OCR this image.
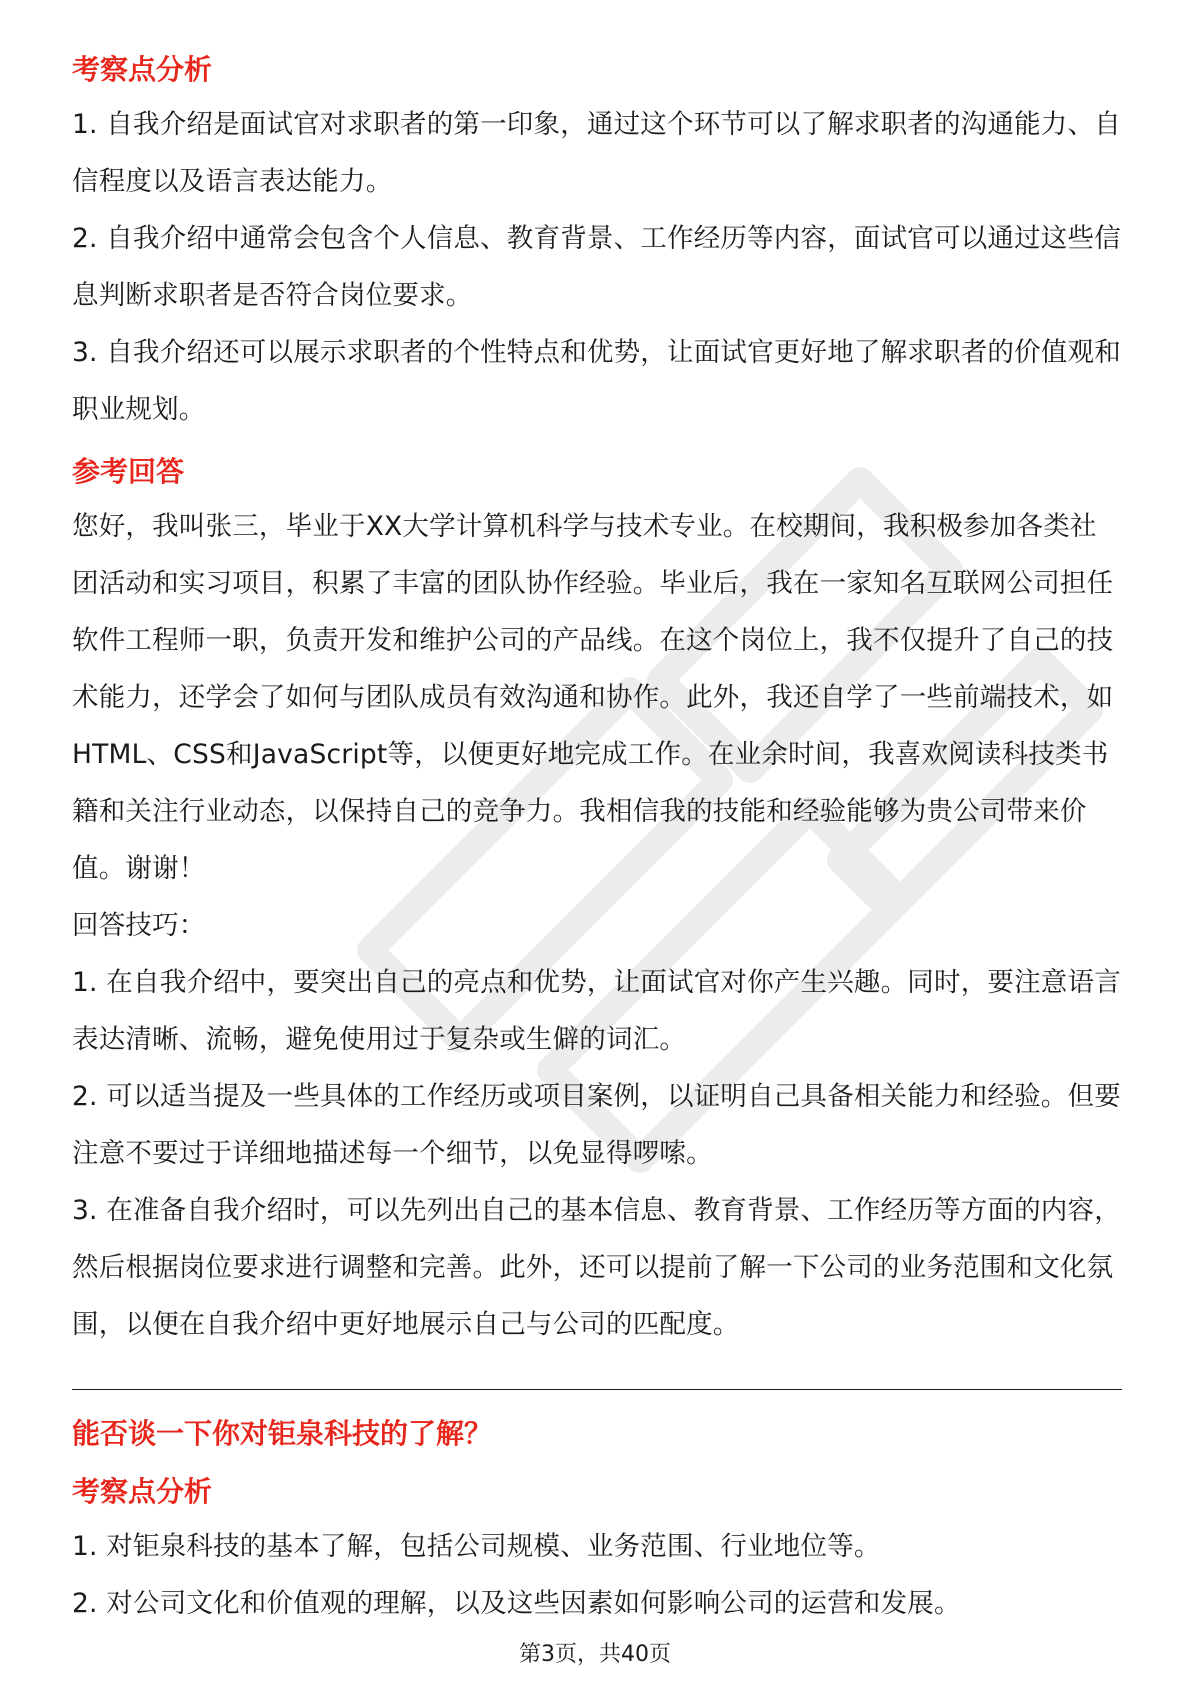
考察点分析

1. 自我介绍是面试官对求职者的第一印象，通过这个环节可以了解求职者的沟通能力、自信程度以及语言表达能力。

2. 自我介绍中通常会包含个人信息、教育背景、工作经历等内容，面试官可以通过这些信息判断求职者是否符合岗位要求。

3. 自我介绍还可以展示求职者的个性特点和优势，让面试官更好地了解求职者的价值观和职业规划。

参考回答

您好，我叫张三，毕业于XX大学计算机科学与技术专业。在校期间，我积极参加各类社团活动和实习项目，积累了丰富的团队协作经验。毕业后，我在一家知名互联网公司担任软件工程师一职，负责开发和维护公司的产品线。在这个岗位上，我不仅提升了自己的技术能力，还学会了如何与团队成员有效沟通和协作。此外，我还自学了一些前端技术，如HTML、CSS和JavaScript等，以便更好地完成工作。在业余时间，我喜欢阅读科技类书籍和关注行业动态，以保持自己的竞争力。我相信我的技能和经验能够为贵公司带来价值。谢谢！

回答技巧：

1. 在自我介绍中，要突出自己的亮点和优势，让面试官对你产生兴趣。同时，要注意语言表达清晰、流畅，避免使用过于复杂或生僻的词汇。

2. 可以适当提及一些具体的工作经历或项目案例，以证明自己具备相关能力和经验。但要注意不要过于详细地描述每一个细节，以免显得啰嗦。

3. 在准备自我介绍时，可以先列出自己的基本信息、教育背景、工作经历等方面的内容，然后根据岗位要求进行调整和完善。此外，还可以提前了解一下公司的业务范围和文化氛围，以便在自我介绍中更好地展示自己与公司的匹配度。

能否谈一下你对钜泉科技的了解？
考察点分析

1. 对钜泉科技的基本了解，包括公司规模、业务范围、行业地位等。

2. 对公司文化和价值观的理解，以及这些因素如何影响公司的运营和发展。

第3页，共40页
